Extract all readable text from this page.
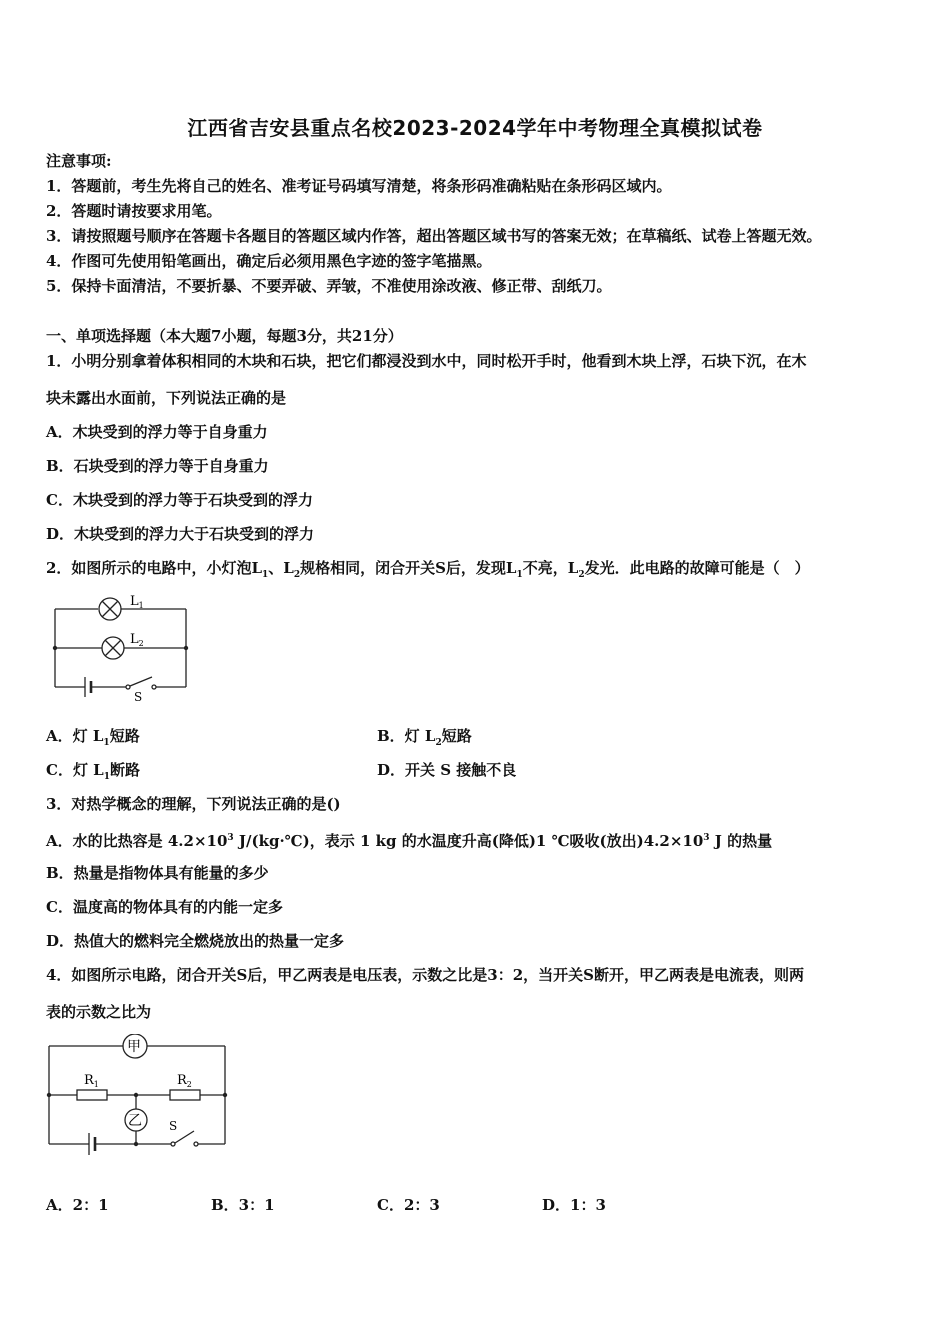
江西省吉安县重点名校2023-2024学年中考物理全真模拟试卷
注意事项:
1．答题前，考生先将自己的姓名、准考证号码填写清楚，将条形码准确粘贴在条形码区域内。
2．答题时请按要求用笔。
3．请按照题号顺序在答题卡各题目的答题区域内作答，超出答题区域书写的答案无效；在草稿纸、试卷上答题无效。
4．作图可先使用铅笔画出，确定后必须用黑色字迹的签字笔描黑。
5．保持卡面清洁，不要折暴、不要弄破、弄皱，不准使用涂改液、修正带、刮纸刀。
一、单项选择题（本大题7小题，每题3分，共21分）
1．小明分别拿着体积相同的木块和石块，把它们都浸没到水中，同时松开手时，他看到木块上浮，石块下沉，在木
块未露出水面前，下列说法正确的是
A．木块受到的浮力等于自身重力
B．石块受到的浮力等于自身重力
C．木块受到的浮力等于石块受到的浮力
D．木块受到的浮力大于石块受到的浮力
2．如图所示的电路中，小灯泡$L_1$、$L_2$规格相同，闭合开关S后，发现$L_1$不亮，$L_2$发光．此电路的故障可能是（　）
$L_1$
$L_2$
S
A．灯 $L_1$短路	B．灯 $L_2$短路
C．灯 $L_1$断路	D．开关 S 接触不良
3．对热学概念的理解，下列说法正确的是()
A．水的比热容是 $4.2\times 10^3$ J/(kg·℃)，表示 1 kg 的水温度升高(降低)1 ℃吸收(放出)$4.2\times 10^3$ J 的热量
B．热量是指物体具有能量的多少
C．温度高的物体具有的内能一定多
D．热值大的燃料完全燃烧放出的热量一定多
4．如图所示电路，闭合开关S后，甲乙两表是电压表，示数之比是3：2，当开关S断开，甲乙两表是电流表，则两
表的示数之比为
甲
乙
$R_1$	$R_2$
S
A．2：1	B．3：1	C．2：3	D．1：3
